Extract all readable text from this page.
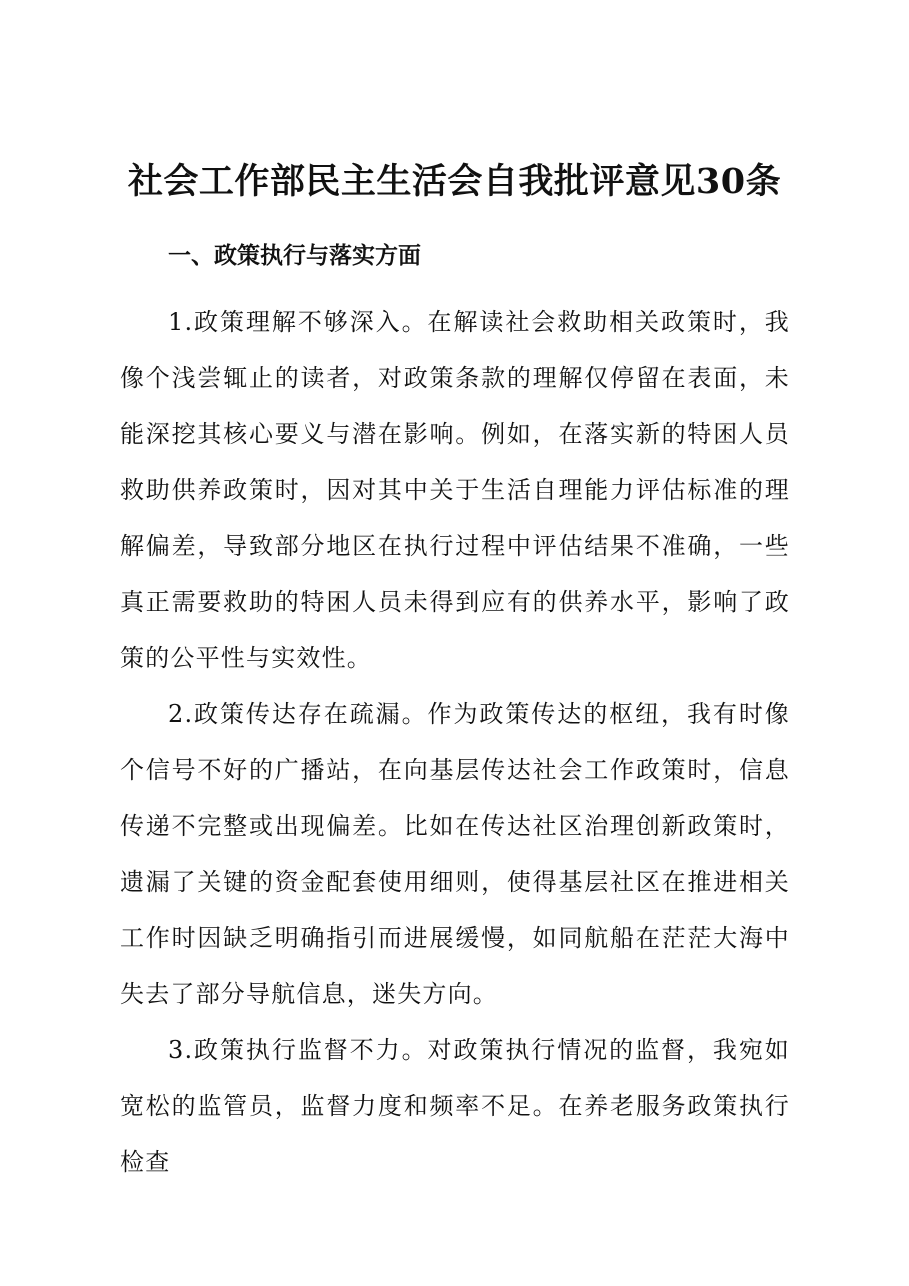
社会工作部民主生活会自我批评意见30条
一、政策执行与落实方面

1.政策理解不够深入。在解读社会救助相关政策时，我像个浅尝辄止的读者，对政策条款的理解仅停留在表面，未能深挖其核心要义与潜在影响。例如，在落实新的特困人员救助供养政策时，因对其中关于生活自理能力评估标准的理解偏差，导致部分地区在执行过程中评估结果不准确，一些真正需要救助的特困人员未得到应有的供养水平，影响了政策的公平性与实效性。

2.政策传达存在疏漏。作为政策传达的枢纽，我有时像个信号不好的广播站，在向基层传达社会工作政策时，信息传递不完整或出现偏差。比如在传达社区治理创新政策时，遗漏了关键的资金配套使用细则，使得基层社区在推进相关工作时因缺乏明确指引而进展缓慢，如同航船在茫茫大海中失去了部分导航信息，迷失方向。

3.政策执行监督不力。对政策执行情况的监督，我宛如宽松的监管员，监督力度和频率不足。在养老服务政策执行检查
